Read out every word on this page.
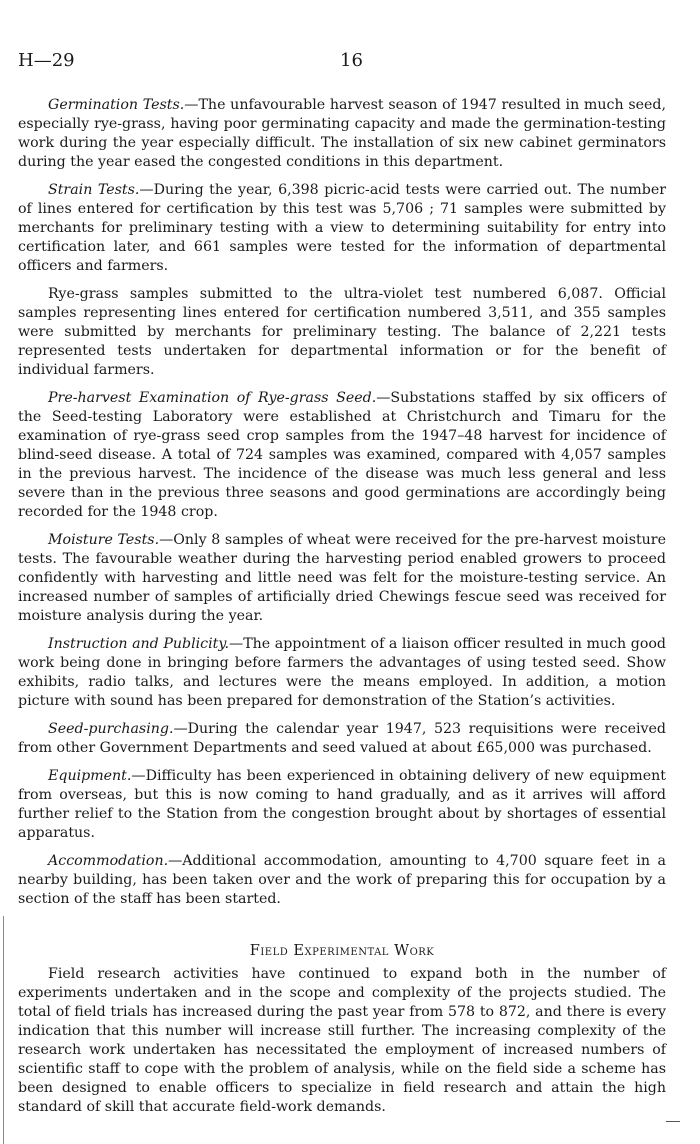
H—29	16

Germination Tests.—The unfavourable harvest season of 1947 resulted in much seed, especially rye-grass, having poor germinating capacity and made the germination-testing work during the year especially difficult. The installation of six new cabinet germinators during the year eased the congested conditions in this department.

Strain Tests.—During the year, 6,398 picric-acid tests were carried out. The number of lines entered for certification by this test was 5,706 ; 71 samples were submitted by merchants for preliminary testing with a view to determining suitability for entry into certification later, and 661 samples were tested for the information of departmental officers and farmers.

Rye-grass samples submitted to the ultra-violet test numbered 6,087. Official samples representing lines entered for certification numbered 3,511, and 355 samples were submitted by merchants for preliminary testing. The balance of 2,221 tests represented tests undertaken for departmental information or for the benefit of individual farmers.

Pre-harvest Examination of Rye-grass Seed.—Substations staffed by six officers of the Seed-testing Laboratory were established at Christchurch and Timaru for the examination of rye-grass seed crop samples from the 1947–48 harvest for incidence of blind-seed disease. A total of 724 samples was examined, compared with 4,057 samples in the previous harvest. The incidence of the disease was much less general and less severe than in the previous three seasons and good germinations are accordingly being recorded for the 1948 crop.

Moisture Tests.—Only 8 samples of wheat were received for the pre-harvest moisture tests. The favourable weather during the harvesting period enabled growers to proceed confidently with harvesting and little need was felt for the moisture-testing service. An increased number of samples of artificially dried Chewings fescue seed was received for moisture analysis during the year.

Instruction and Publicity.—The appointment of a liaison officer resulted in much good work being done in bringing before farmers the advantages of using tested seed. Show exhibits, radio talks, and lectures were the means employed. In addition, a motion picture with sound has been prepared for demonstration of the Station’s activities.

Seed-purchasing.—During the calendar year 1947, 523 requisitions were received from other Government Departments and seed valued at about £65,000 was purchased.

Equipment.—Difficulty has been experienced in obtaining delivery of new equipment from overseas, but this is now coming to hand gradually, and as it arrives will afford further relief to the Station from the congestion brought about by shortages of essential apparatus.

Accommodation.—Additional accommodation, amounting to 4,700 square feet in a nearby building, has been taken over and the work of preparing this for occupation by a section of the staff has been started.

Field Experimental Work

Field research activities have continued to expand both in the number of experiments undertaken and in the scope and complexity of the projects studied. The total of field trials has increased during the past year from 578 to 872, and there is every indication that this number will increase still further. The increasing complexity of the research work undertaken has necessitated the employment of increased numbers of scientific staff to cope with the problem of analysis, while on the field side a scheme has been designed to enable officers to specialize in field research and attain the high standard of skill that accurate field-work demands.
